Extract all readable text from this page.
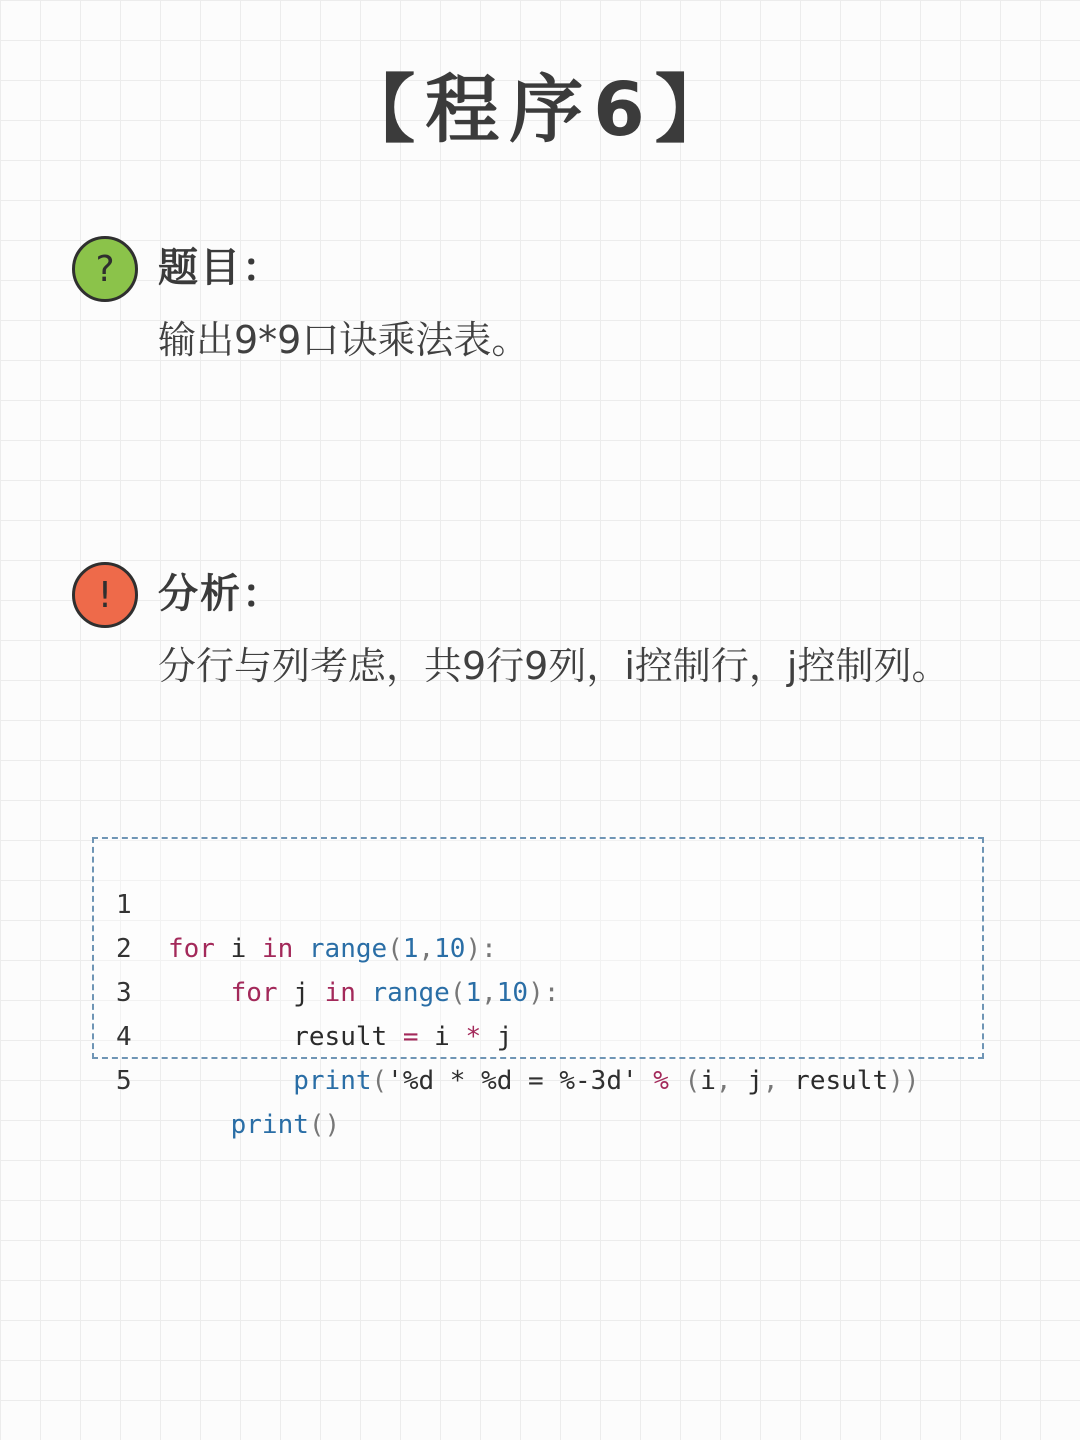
【程序6】
?	题目：
输出9*9口诀乘法表。
!	分析：
分行与列考虑，共9行9列，i控制行，j控制列。

1

for i in range(1,10):

2

for j in range(1,10):

3

result = i * j

4

print('%d * %d = %-3d' % (i, j, result))

5

print()
